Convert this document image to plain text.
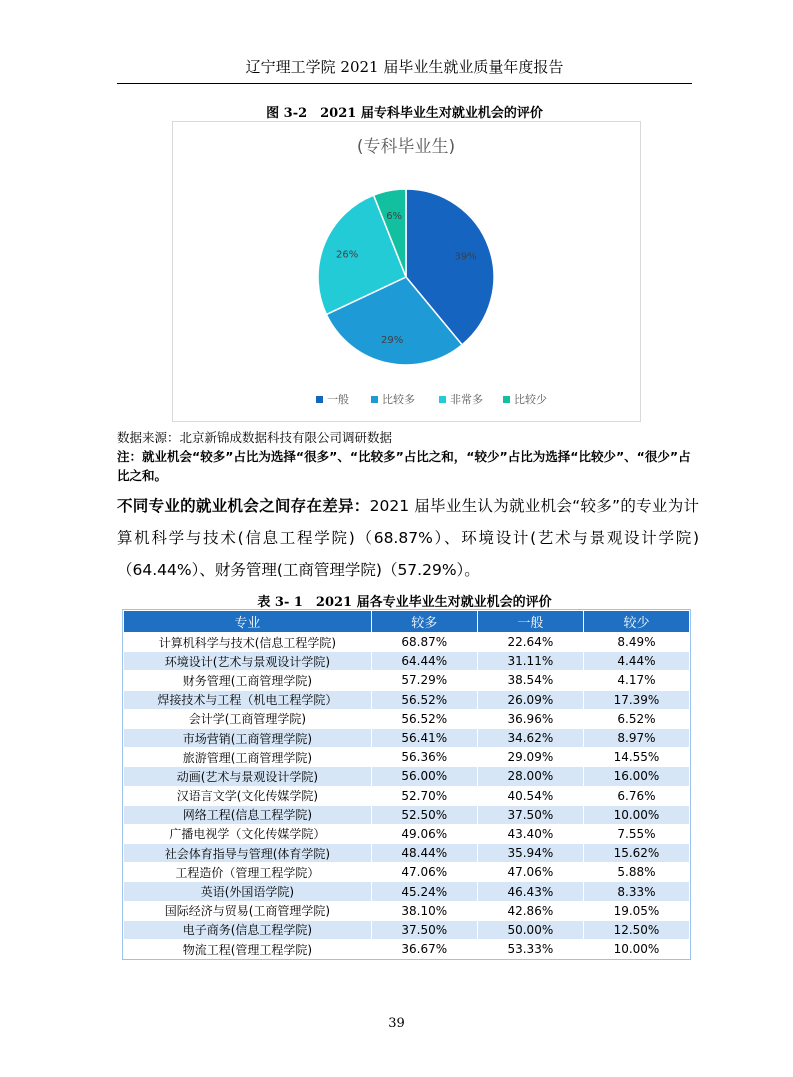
辽宁理工学院 2021 届毕业生就业质量年度报告
图 3-2　2021 届专科毕业生对就业机会的评价
(专科毕业生)
39%
29%
26%
6%
一般	比较多	非常多	比较少
数据来源：北京新锦成数据科技有限公司调研数据
注：就业机会“较多”占比为选择“很多”、“比较多”占比之和，“较少”占比为选择“比较少”、“很少”占比之和。
不同专业的就业机会之间存在差异：2021 届毕业生认为就业机会“较多”的专业为计算机科学与技术(信息工程学院)（68.87%）、环境设计(艺术与景观设计学院)（64.44%）、财务管理(工商管理学院)（57.29%）。
表 3- 1　2021 届各专业毕业生对就业机会的评价
专业	较多	一般	较少
计算机科学与技术(信息工程学院)	68.87%	22.64%	8.49%
环境设计(艺术与景观设计学院)	64.44%	31.11%	4.44%
财务管理(工商管理学院)	57.29%	38.54%	4.17%
焊接技术与工程（机电工程学院）	56.52%	26.09%	17.39%
会计学(工商管理学院)	56.52%	36.96%	6.52%
市场营销(工商管理学院)	56.41%	34.62%	8.97%
旅游管理(工商管理学院)	56.36%	29.09%	14.55%
动画(艺术与景观设计学院)	56.00%	28.00%	16.00%
汉语言文学(文化传媒学院)	52.70%	40.54%	6.76%
网络工程(信息工程学院)	52.50%	37.50%	10.00%
广播电视学（文化传媒学院）	49.06%	43.40%	7.55%
社会体育指导与管理(体育学院)	48.44%	35.94%	15.62%
工程造价（管理工程学院）	47.06%	47.06%	5.88%
英语(外国语学院)	45.24%	46.43%	8.33%
国际经济与贸易(工商管理学院)	38.10%	42.86%	19.05%
电子商务(信息工程学院)	37.50%	50.00%	12.50%
物流工程(管理工程学院)	36.67%	53.33%	10.00%
39
